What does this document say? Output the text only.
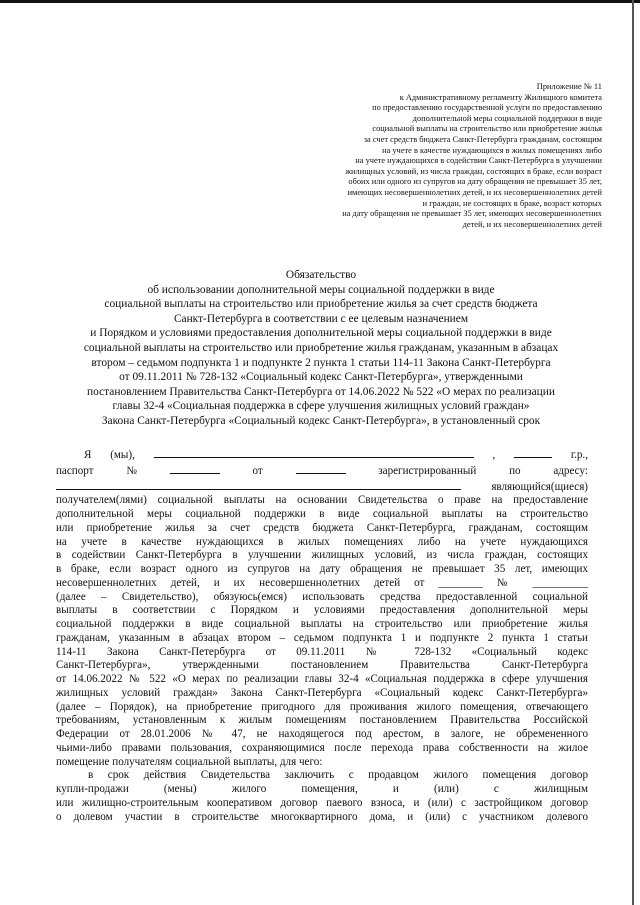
Приложение № 11
к Административному регламенту Жилищного комитета
по предоставлению государственной услуги по предоставлению
дополнительной меры социальной поддержки в виде
социальной выплаты на строительство или приобретение жилья
за счет средств бюджета Санкт-Петербурга гражданам, состоящим
на учете в качестве нуждающихся в жилых помещениях либо
на учете нуждающихся в содействии Санкт-Петербурга в улучшении
жилищных условий, из числа граждан, состоящих в браке, если возраст
обоих или одного из супругов на дату обращения не превышает 35 лет,
имеющих несовершеннолетних детей, и их несовершеннолетних детей
и граждан, не состоящих в браке, возраст которых
на дату обращения не превышает 35 лет, имеющих несовершеннолетних
детей, и их несовершеннолетних детей
Обязательство
об использовании дополнительной меры социальной поддержки в виде
социальной выплаты на строительство или приобретение жилья за счет средств бюджета
Санкт-Петербурга в соответствии с ее целевым назначением
и Порядком и условиями предоставления дополнительной меры социальной поддержки в виде
социальной выплаты на строительство или приобретение жилья гражданам, указанным в абзацах
втором – седьмом подпункта 1 и подпункте 2 пункта 1 статьи 114-11 Закона Санкт-Петербурга
от 09.11.2011 № 728-132 «Социальный кодекс Санкт-Петербурга», утвержденными
постановлением Правительства Санкт-Петербурга от 14.06.2022 № 522 «О мерах по реализации
главы 32-4 «Социальная поддержка в сфере улучшения жилищных условий граждан»
Закона Санкт-Петербурга «Социальный кодекс Санкт-Петербурга», в установленный срок
Я (мы),	,	г.р.,
паспорт	№	от	зарегистрированный	по	адресу:
являющийся(щиеся)
получателем(лями) социальной выплаты на основании Свидетельства о праве на предоставление
дополнительной меры социальной поддержки в виде социальной выплаты на строительство
или приобретение жилья за счет средств бюджета Санкт-Петербурга, гражданам, состоящим
на учете в качестве нуждающихся в жилых помещениях либо на учете нуждающихся
в содействии Санкт-Петербурга в улучшении жилищных условий, из числа граждан, состоящих
в браке, если возраст одного из супругов на дату обращения не превышает 35 лет, имеющих
несовершеннолетних детей, и их несовершеннолетних детей от ________ № __________
(далее – Свидетельство), обязуюсь(емся) использовать средства предоставленной социальной
выплаты в соответствии с Порядком и условиями предоставления дополнительной меры
социальной поддержки в виде социальной выплаты на строительство или приобретение жилья
гражданам, указанным в абзацах втором – седьмом подпункта 1 и подпункте 2 пункта 1 статьи
114-11 Закона Санкт-Петербурга от 09.11.2011 № 728-132 «Социальный кодекс
Санкт-Петербурга», утвержденными постановлением Правительства Санкт-Петербурга
от 14.06.2022 № 522 «О мерах по реализации главы 32-4 «Социальная поддержка в сфере улучшения
жилищных условий граждан» Закона Санкт-Петербурга «Социальный кодекс Санкт-Петербурга»
(далее – Порядок), на приобретение пригодного для проживания жилого помещения, отвечающего
требованиям, установленным к жилым помещениям постановлением Правительства Российской
Федерации от 28.01.2006 № 47, не находящегося под арестом, в залоге, не обремененного
чьими-либо правами пользования, сохраняющимися после перехода права собственности на жилое
помещение получателям социальной выплаты, для чего:
в срок действия Свидетельства заключить с продавцом жилого помещения договор
купли-продажи (мены) жилого помещения, и (или) с жилищным
или жилищно-строительным кооперативом договор паевого взноса, и (или) с застройщиком договор
о долевом участии в строительстве многоквартирного дома, и (или) с участником долевого
